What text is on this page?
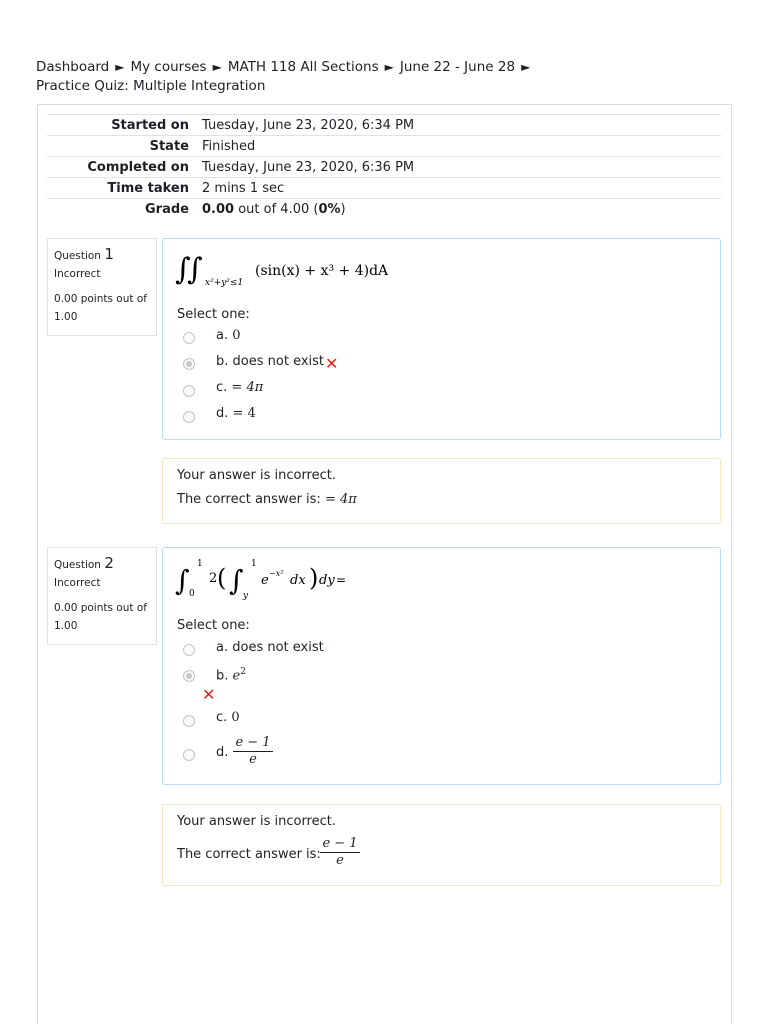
Dashboard ► My courses ► MATH 118 All Sections ► June 22 - June 28 ►
Practice Quiz: Multiple Integration
Started on	Tuesday, June 23, 2020, 6:34 PM
State	Finished
Completed on	Tuesday, June 23, 2020, 6:36 PM
Time taken	2 mins 1 sec
Grade	0.00 out of 4.00 (0%)
Question 1
Incorrect
0.00 points out of 1.00
∫
∫ x²+y²≤1
(sin(x) + x³ + 4)dA
Select one:
a. 0
b. does not exist ✕
c. = 4π
d. = 4
Your answer is incorrect.
The correct answer is: = 4π
Question 2
Incorrect
0.00 points out of 1.00
∫ 1
0
2 ( ∫ 1
y
e −x² dx ) dy =
Select one:
a. does not exist
b. $e^2$
✕
c. 0
d.
e − 1
e
Your answer is incorrect.
The correct answer is:
e − 1
e
